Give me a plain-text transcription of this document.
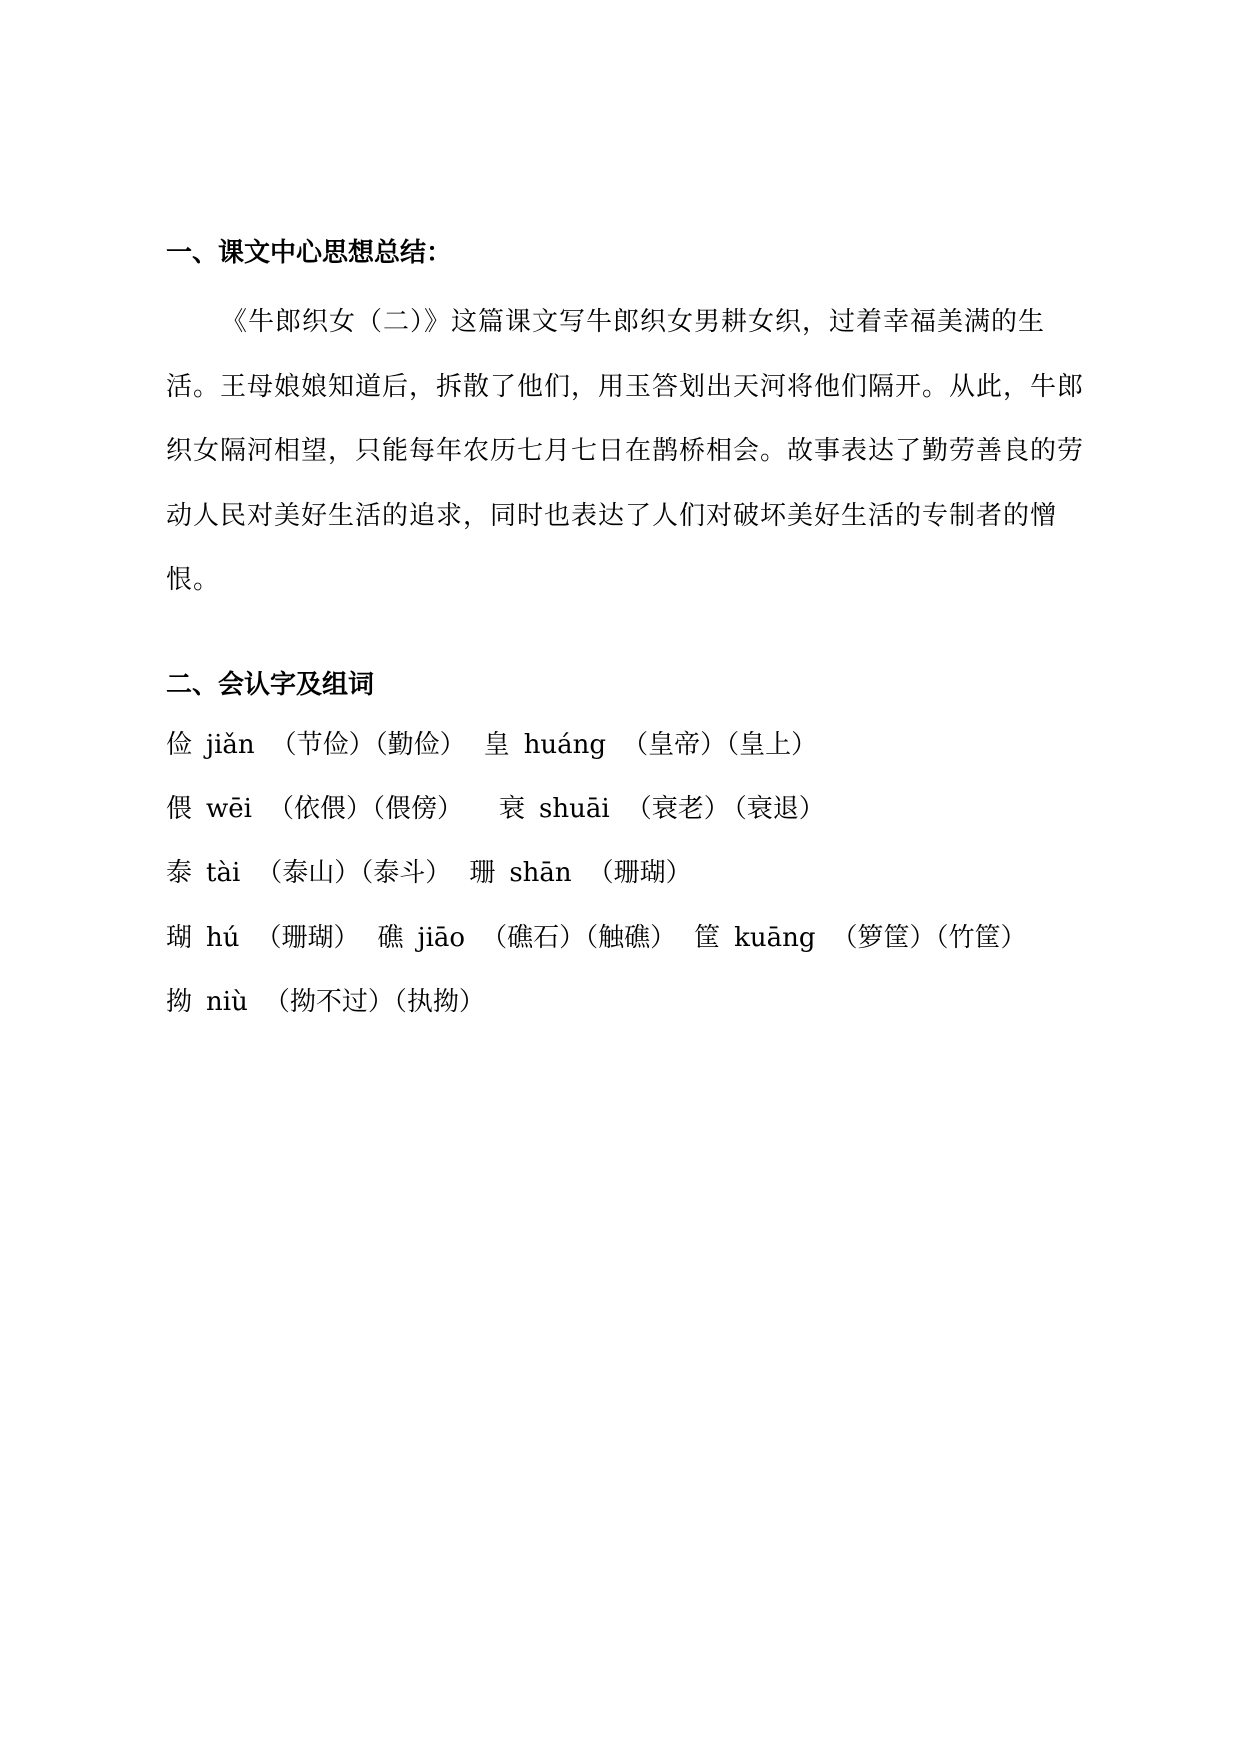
一、课文中心思想总结：
《牛郎织女（二）》这篇课文写牛郎织女男耕女织，过着幸福美满的生活。王母娘娘知道后，拆散了他们，用玉答划出天河将他们隔开。从此，牛郎织女隔河相望，只能每年农历七月七日在鹊桥相会。故事表达了勤劳善良的劳动人民对美好生活的追求，同时也表达了人们对破坏美好生活的专制者的憎恨。
二、会认字及组词
俭 jiǎn （节俭）（勤俭） 皇 huáng （皇帝）（皇上）
偎 wēi （依偎）（偎傍） 衰 shuāi （衰老） （衰退）
泰 tài （泰山）（泰斗） 珊 shān （珊瑚）
瑚 hú （珊瑚） 礁 jiāo （礁石）（触礁） 筐 kuāng （箩筐）（竹筐）
拗 niù （拗不过）（执拗）
